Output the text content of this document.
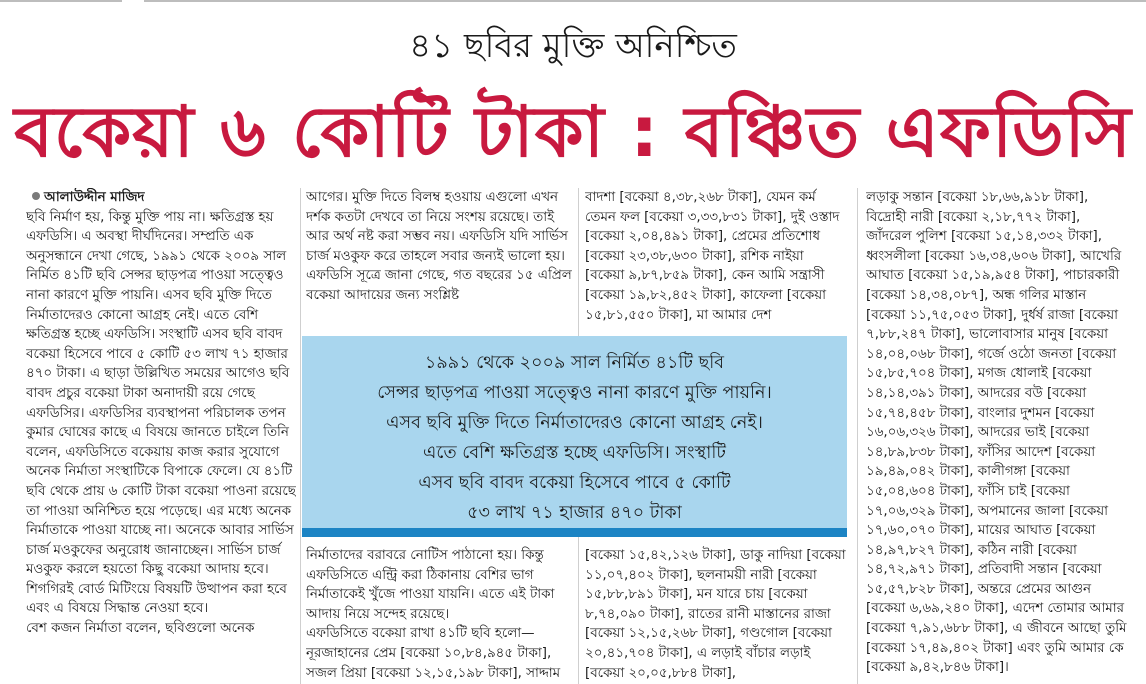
৪১ ছবির মুক্তি অনিশ্চিত
বকেয়া ৬ কোটি টাকা : বঞ্চিত এফডিসি

আলাউদ্দীন মাজিদ

ছবি নির্মাণ হয়, কিন্তু মুক্তি পায় না। ক্ষতিগ্রস্ত হয় এফডিসি। এ অবস্থা দীর্ঘদিনের। সম্প্রতি এক অনুসন্ধানে দেখা গেছে, ১৯৯১ থেকে ২০০৯ সাল নির্মিত ৪১টি ছবি সেন্সর ছাড়পত্র পাওয়া সত্ত্বেও নানা কারণে মুক্তি পায়নি। এসব ছবি মুক্তি দিতে নির্মাতাদেরও কোনো আগ্রহ নেই। এতে বেশি ক্ষতিগ্রস্ত হচ্ছে এফডিসি। সংস্থাটি এসব ছবি বাবদ বকেয়া হিসেবে পাবে ৫ কোটি ৫৩ লাখ ৭১ হাজার ৪৭০ টাকা। এ ছাড়া উল্লিখিত সময়ের আগেও ছবি বাবদ প্রচুর বকেয়া টাকা অনাদায়ী রয়ে গেছে এফডিসির। এফডিসির ব্যবস্থাপনা পরিচালক তপন কুমার ঘোষের কাছে এ বিষয়ে জানতে চাইলে তিনি বলেন, এফডিসিতে বকেয়ায় কাজ করার সুযোগে অনেক নির্মাতা সংস্থাটিকে বিপাকে ফেলে। যে ৪১টি ছবি থেকে প্রায় ৬ কোটি টাকা বকেয়া পাওনা রয়েছে তা পাওয়া অনিশ্চিত হয়ে পড়েছে। এর মধ্যে অনেক নির্মাতাকে পাওয়া যাচ্ছে না। অনেকে আবার সার্ভিস চার্জ মওকুফের অনুরোধ জানাচ্ছেন। সার্ভিস চার্জ মওকুফ করলে হয়তো কিছু বকেয়া আদায় হবে। শিগগিরই বোর্ড মিটিংয়ে বিষয়টি উত্থাপন করা হবে এবং এ বিষয়ে সিদ্ধান্ত নেওয়া হবে।

বেশ কজন নির্মাতা বলেন, ছবিগুলো অনেক

আগের। মুক্তি দিতে বিলম্ব হওয়ায় এগুলো এখন দর্শক কতটা দেখবে তা নিয়ে সংশয় রয়েছে। তাই আর অর্থ নষ্ট করা সম্ভব নয়। এফডিসি যদি সার্ভিস চার্জ মওকুফ করে তাহলে সবার জন্যই ভালো হয়।

এফডিসি সূত্রে জানা গেছে, গত বছরের ১৫ এপ্রিল বকেয়া আদায়ের জন্য সংশ্লিষ্ট

বাদশা [বকেয়া ৪,৩৮,২৬৮ টাকা], যেমন কর্ম তেমন ফল [বকেয়া ৩,৩৩,৮৩১ টাকা], দুই ওস্তাদ [বকেয়া ২,০৪,৪৯১ টাকা], প্রেমের প্রতিশোধ [বকেয়া ২৩,৩৮,৬৩০ টাকা], রশিক নাইয়া [বকেয়া ৯,৮৭,৮৫৯ টাকা], কেন আমি সন্ত্রাসী [বকেয়া ১৯,৮২,৪৫২ টাকা], কাফেলা [বকেয়া ১৫,৮১,৫৫০ টাকা], মা আমার দেশ

লড়াকু সন্তান [বকেয়া ১৮,৬৬,৯১৮ টাকা], বিদ্রোহী নারী [বকেয়া ২,১৮,৭৭২ টাকা], জাঁদরেল পুলিশ [বকেয়া ১৫,১৪,৩৩২ টাকা], ধ্বংসলীলা [বকেয়া ১৬,৩৪,৬০৬ টাকা], আখেরি আঘাত [বকেয়া ১৫,১৯,৯৫৪ টাকা], পাচারকারী [বকেয়া ১৪,৩৪,০৮৭], অন্ধ গলির মাস্তান [বকেয়া ১১,৭৫,০৫৩ টাকা], দুর্ধর্ষ রাজা [বকেয়া ৭,৮৮,২৪৭ টাকা], ভালোবাসার মানুষ [বকেয়া ১৪,০৪,০৬৮ টাকা], গর্জে ওঠো জনতা [বকেয়া ১৫,৮৫,৭০৪ টাকা], মগজ ধোলাই [বকেয়া ১৪,১৪,৩৯১ টাকা], আদরের বউ [বকেয়া ১৫,৭৪,৪৫৮ টাকা], বাংলার দুশমন [বকেয়া ১৬,০৬,৩২৬ টাকা], আদরের ভাই [বকেয়া ১৪,৮৯,৮৩৮ টাকা], ফাঁসির আদেশ [বকেয়া ১৯,৪৯,০৪২ টাকা], কালীগঙ্গা [বকেয়া ১৫,০৪,৬০৪ টাকা], ফাঁসি চাই [বকেয়া ১৭,০৬,৩২৯ টাকা], অপমানের জালা [বকেয়া ১৭,৬০,০৭০ টাকা], মায়ের আঘাত [বকেয়া ১৪,৯৭,৮২৭ টাকা], কঠিন নারী [বকেয়া ১৪,৭২,৯৭১ টাকা], প্রতিবাদী সন্তান [বকেয়া ১৫,৫৭,৮২৮ টাকা], অন্তরে প্রেমের আগুন [বকেয়া ৬,৬৯,২৪০ টাকা], এদেশ তোমার আমার [বকেয়া ৭,৯১,৬৮৮ টাকা], এ জীবনে আছো তুমি [বকেয়া ১৭,৪৯,৪০২ টাকা] এবং তুমি আমার কে [বকেয়া ৯,৪২,৮৪৬ টাকা]।

১৯৯১ থেকে ২০০৯ সাল নির্মিত ৪১টি ছবি
সেন্সর ছাড়পত্র পাওয়া সত্ত্বেও নানা কারণে মুক্তি পায়নি।
এসব ছবি মুক্তি দিতে নির্মাতাদেরও কোনো আগ্রহ নেই।
এতে বেশি ক্ষতিগ্রস্ত হচ্ছে এফডিসি। সংস্থাটি
এসব ছবি বাবদ বকেয়া হিসেবে পাবে ৫ কোটি
৫৩ লাখ ৭১ হাজার ৪৭০ টাকা

নির্মাতাদের বরাবরে নোটিস পাঠানো হয়। কিন্তু এফডিসিতে এন্ট্রি করা ঠিকানায় বেশির ভাগ নির্মাতাকেই খুঁজে পাওয়া যায়নি। এতে এই টাকা আদায় নিয়ে সন্দেহ রয়েছে।

এফডিসিতে বকেয়া রাখা ৪১টি ছবি হলো— নূরজাহানের প্রেম [বকেয়া ১০,৮৪,৯৪৫ টাকা], সজল প্রিয়া [বকেয়া ১২,১৫,১৯৮ টাকা], সাদ্দাম

[বকেয়া ১৫,৪২,১২৬ টাকা], ডাকু নাদিয়া [বকেয়া ১১,০৭,৪০২ টাকা], ছলনাময়ী নারী [বকেয়া ১৫,৮৮,৮৯১ টাকা], মন যারে চায় [বকেয়া ৮,৭৪,০৯০ টাকা], রাতের রানী মাস্তানের রাজা [বকেয়া ১২,১৫,২৬৮ টাকা], গণ্ডগোল [বকেয়া ২০,৪১,৭০৪ টাকা], এ লড়াই বাঁচার লড়াই [বকেয়া ২০,০৫,৮৮৪ টাকা],
